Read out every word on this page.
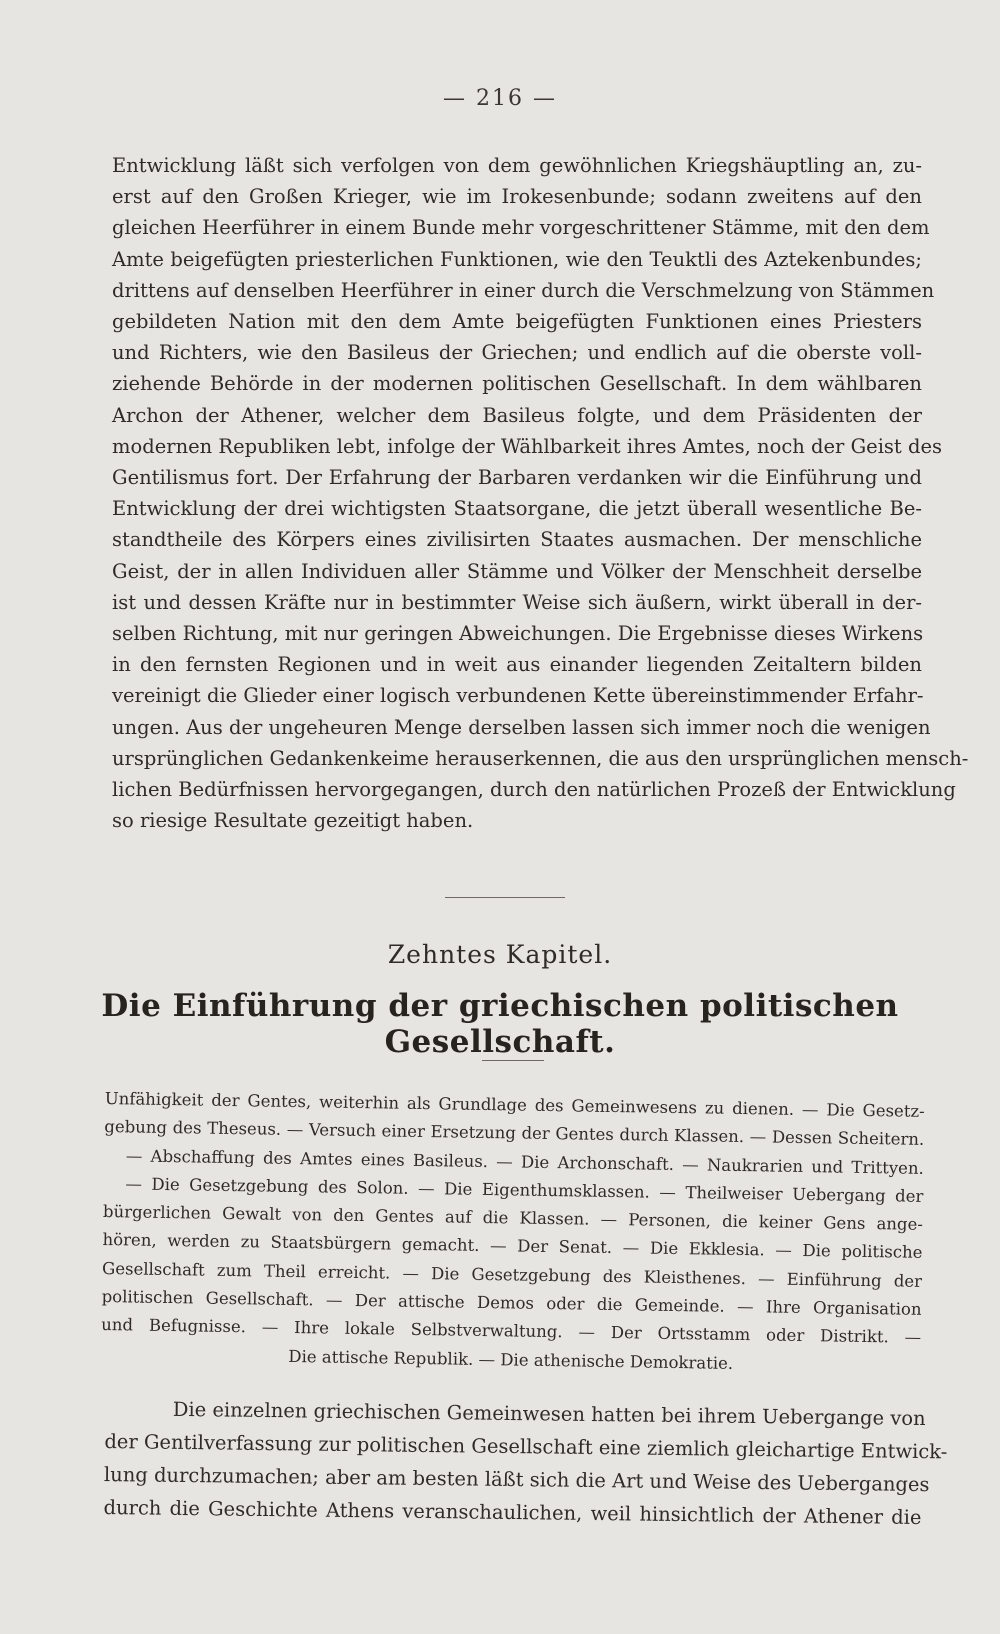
— 216 —
Entwicklung läßt sich verfolgen von dem gewöhnlichen Kriegshäuptling an, zu-
erst auf den Großen Krieger, wie im Irokesenbunde; sodann zweitens auf den
gleichen Heerführer in einem Bunde mehr vorgeschrittener Stämme, mit den dem
Amte beigefügten priesterlichen Funktionen, wie den Teuktli des Aztekenbundes;
drittens auf denselben Heerführer in einer durch die Verschmelzung von Stämmen
gebildeten Nation mit den dem Amte beigefügten Funktionen eines Priesters
und Richters, wie den Basileus der Griechen; und endlich auf die oberste voll-
ziehende Behörde in der modernen politischen Gesellschaft. In dem wählbaren
Archon der Athener, welcher dem Basileus folgte, und dem Präsidenten der
modernen Republiken lebt, infolge der Wählbarkeit ihres Amtes, noch der Geist des
Gentilismus fort. Der Erfahrung der Barbaren verdanken wir die Einführung und
Entwicklung der drei wichtigsten Staatsorgane, die jetzt überall wesentliche Be-
standtheile des Körpers eines zivilisirten Staates ausmachen. Der menschliche
Geist, der in allen Individuen aller Stämme und Völker der Menschheit derselbe
ist und dessen Kräfte nur in bestimmter Weise sich äußern, wirkt überall in der-
selben Richtung, mit nur geringen Abweichungen. Die Ergebnisse dieses Wirkens
in den fernsten Regionen und in weit aus einander liegenden Zeitaltern bilden
vereinigt die Glieder einer logisch verbundenen Kette übereinstimmender Erfahr-
ungen. Aus der ungeheuren Menge derselben lassen sich immer noch die wenigen
ursprünglichen Gedankenkeime herauserkennen, die aus den ursprünglichen mensch-
lichen Bedürfnissen hervorgegangen, durch den natürlichen Prozeß der Entwicklung
so riesige Resultate gezeitigt haben.
Zehntes Kapitel.
Die Einführung der griechischen politischen Gesellschaft.
Unfähigkeit der Gentes, weiterhin als Grundlage des Gemeinwesens zu dienen. — Die Gesetz-
gebung des Theseus. — Versuch einer Ersetzung der Gentes durch Klassen. — Dessen Scheitern.
— Abschaffung des Amtes eines Basileus. — Die Archonschaft. — Naukrarien und Trittyen.
— Die Gesetzgebung des Solon. — Die Eigenthumsklassen. — Theilweiser Uebergang der
bürgerlichen Gewalt von den Gentes auf die Klassen. — Personen, die keiner Gens ange-
hören, werden zu Staatsbürgern gemacht. — Der Senat. — Die Ekklesia. — Die politische
Gesellschaft zum Theil erreicht. — Die Gesetzgebung des Kleisthenes. — Einführung der
politischen Gesellschaft. — Der attische Demos oder die Gemeinde. — Ihre Organisation
und Befugnisse. — Ihre lokale Selbstverwaltung. — Der Ortsstamm oder Distrikt. —
Die attische Republik. — Die athenische Demokratie.
Die einzelnen griechischen Gemeinwesen hatten bei ihrem Uebergange von
der Gentilverfassung zur politischen Gesellschaft eine ziemlich gleichartige Entwick-
lung durchzumachen; aber am besten läßt sich die Art und Weise des Ueberganges
durch die Geschichte Athens veranschaulichen, weil hinsichtlich der Athener die
